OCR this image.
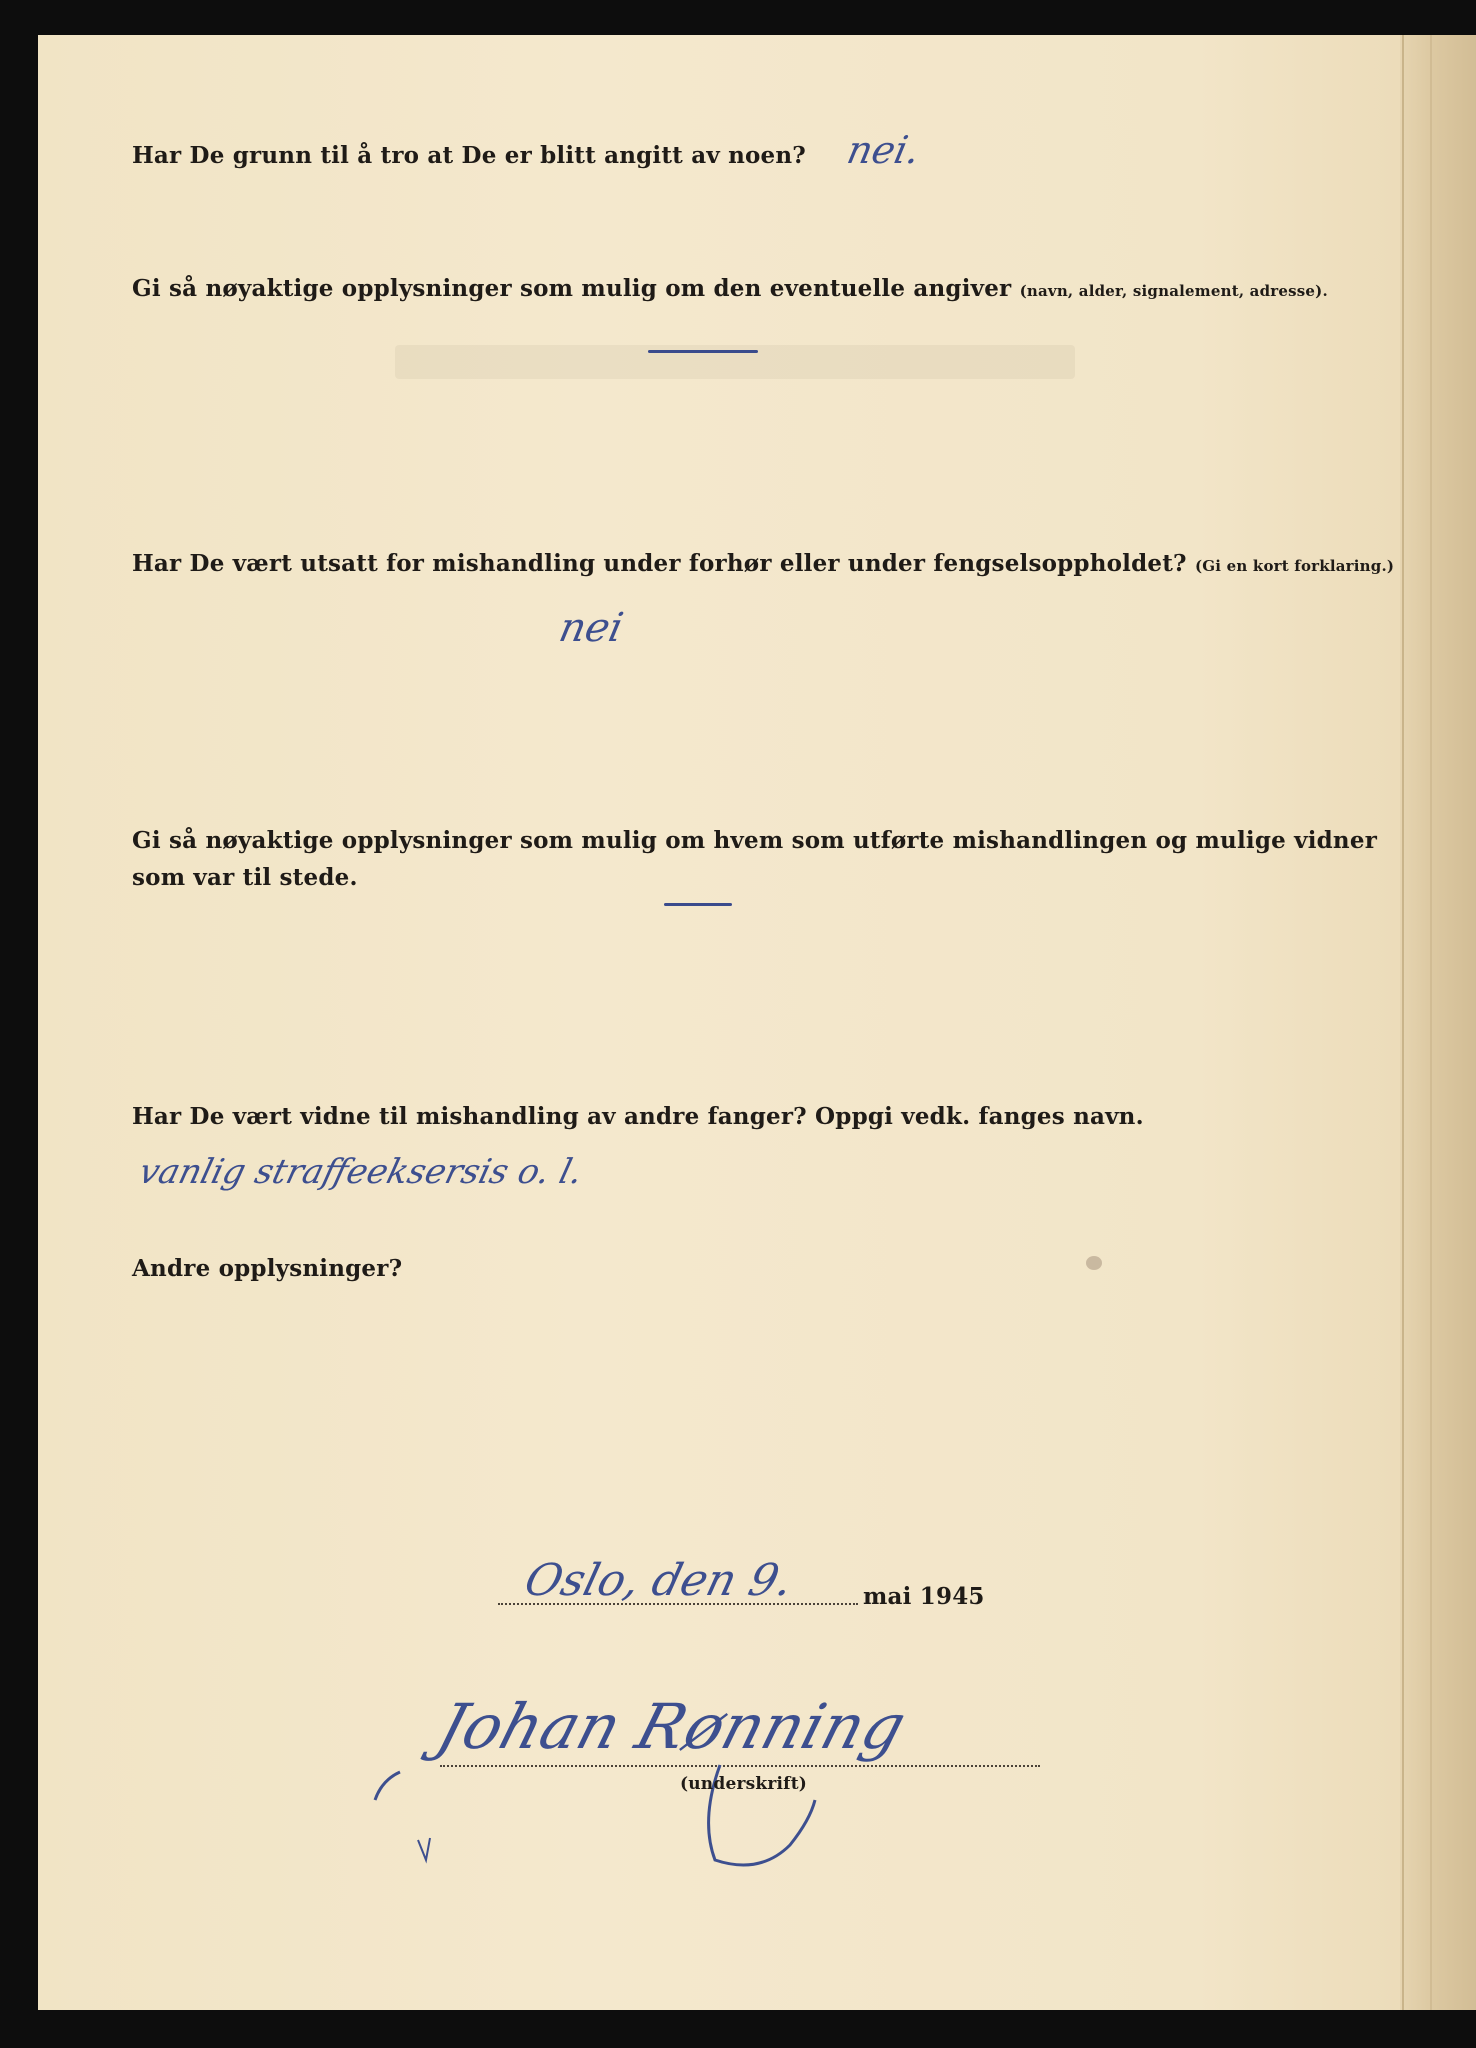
Har De grunn til å tro at De er blitt angitt av noen? nei.
Gi så nøyaktige opplysninger som mulig om den eventuelle angiver (navn, alder, signalement, adresse).
Har De vært utsatt for mishandling under forhør eller under fengselsoppholdet? (Gi en kort forklaring.)
nei
Gi så nøyaktige opplysninger som mulig om hvem som utførte mishandlingen og mulige vidner som var til stede.
Har De vært vidne til mishandling av andre fanger? Oppgi vedk. fanges navn.
vanlig straffeeksersis o. l.
Andre opplysninger?
Oslo, den 9.	mai 1945
Johan Rønning
(underskrift)
